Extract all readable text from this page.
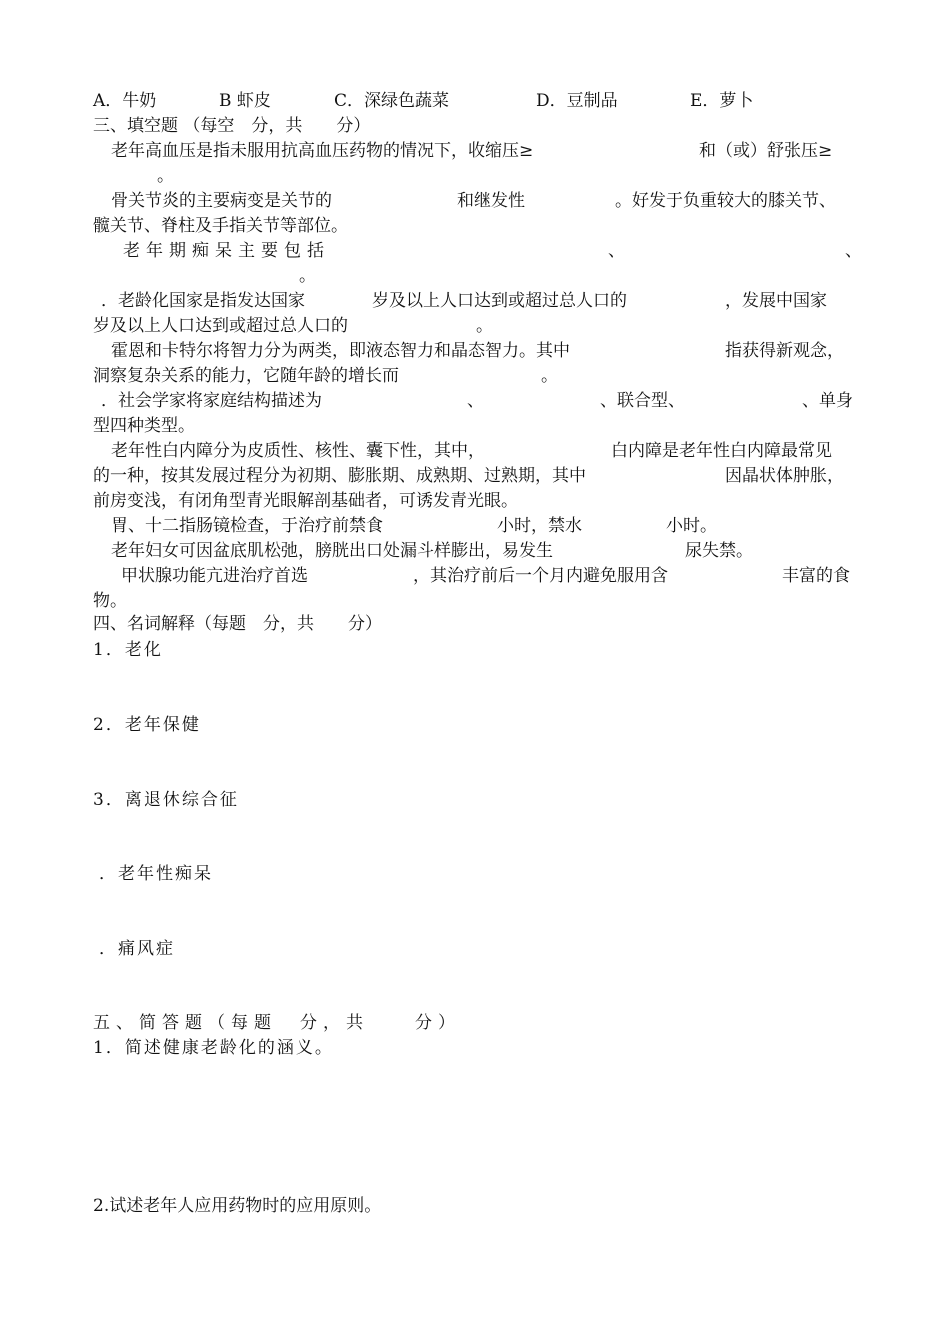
A．牛奶	B 虾皮	C．深绿色蔬菜	D．豆制品	E．萝卜
三、填空题 （每空　分，共　　分）
老年高血压是指未服用抗高血压药物的情况下，收缩压≥	和（或）舒张压≥
。
骨关节炎的主要病变是关节的	和继发性	。好发于负重较大的膝关节、
髋关节、脊柱及手指关节等部位。
老年期痴呆主要包括	、	、
。
．老龄化国家是指发达国家	岁及以上人口达到或超过总人口的	，发展中国家
岁及以上人口达到或超过总人口的	。
霍恩和卡特尔将智力分为两类，即液态智力和晶态智力。其中	指获得新观念，
洞察复杂关系的能力，它随年龄的增长而	。
．社会学家将家庭结构描述为	、	、联合型、	、单身
型四种类型。
老年性白内障分为皮质性、核性、囊下性，其中，	白内障是老年性白内障最常见
的一种，按其发展过程分为初期、膨胀期、成熟期、过熟期，其中	因晶状体肿胀，
前房变浅，有闭角型青光眼解剖基础者，可诱发青光眼。
胃、十二指肠镜检查，于治疗前禁食	小时，禁水	小时。
老年妇女可因盆底肌松弛，膀胱出口处漏斗样膨出，易发生	尿失禁。
甲状腺功能亢进治疗首选	，其治疗前后一个月内避免服用含	丰富的食
物。
四、名词解释（每题　分，共　　分）
1．老化
2．老年保健
3．离退休综合征
．老年性痴呆
．痛风症
五、简答题（每题　分，共　　分）
1．简述健康老龄化的涵义。
2.试述老年人应用药物时的应用原则。
